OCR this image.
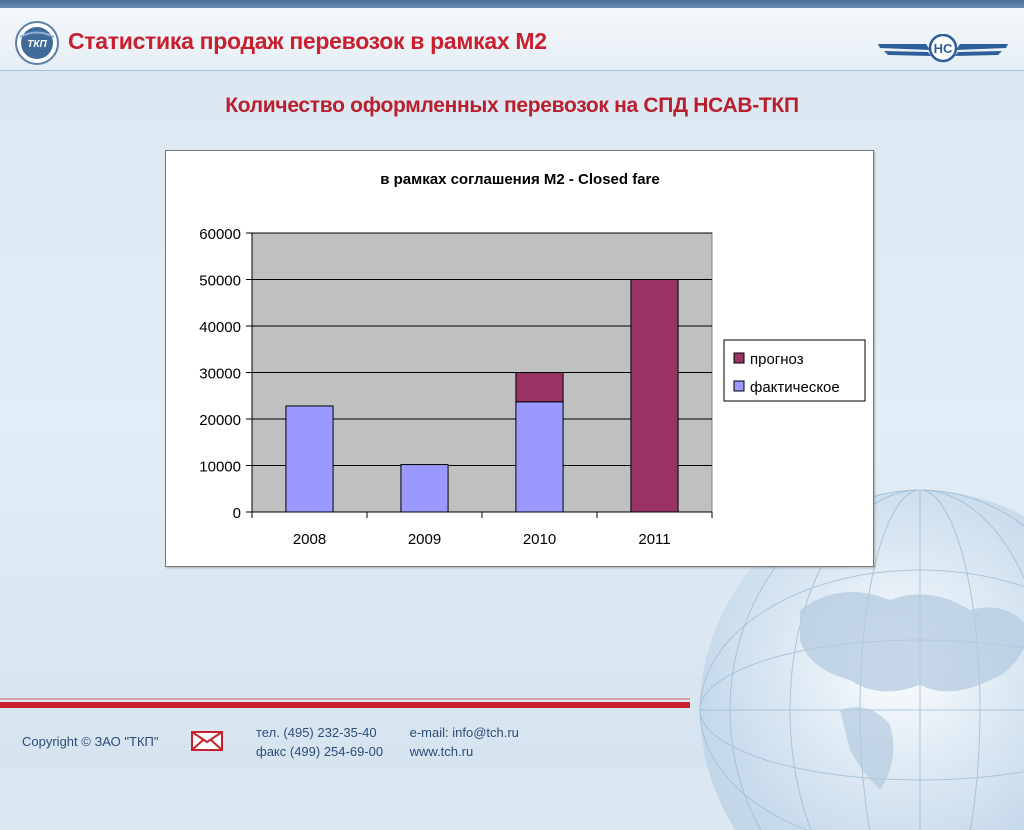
ТКП Статистика продаж перевозок в рамках М2	НС
Количество оформленных перевозок на СПД НСАВ-ТКП
в рамках соглашения М2 - Closed fare
0
10000
20000
30000
40000
50000
60000
2008	2009	2010	2011
прогноз
фактическое
Copyright © ЗАО "ТКП"
тел. (495) 232-35-40	e-mail: info@tch.ru
факс (499) 254-69-00 www.tch.ru
